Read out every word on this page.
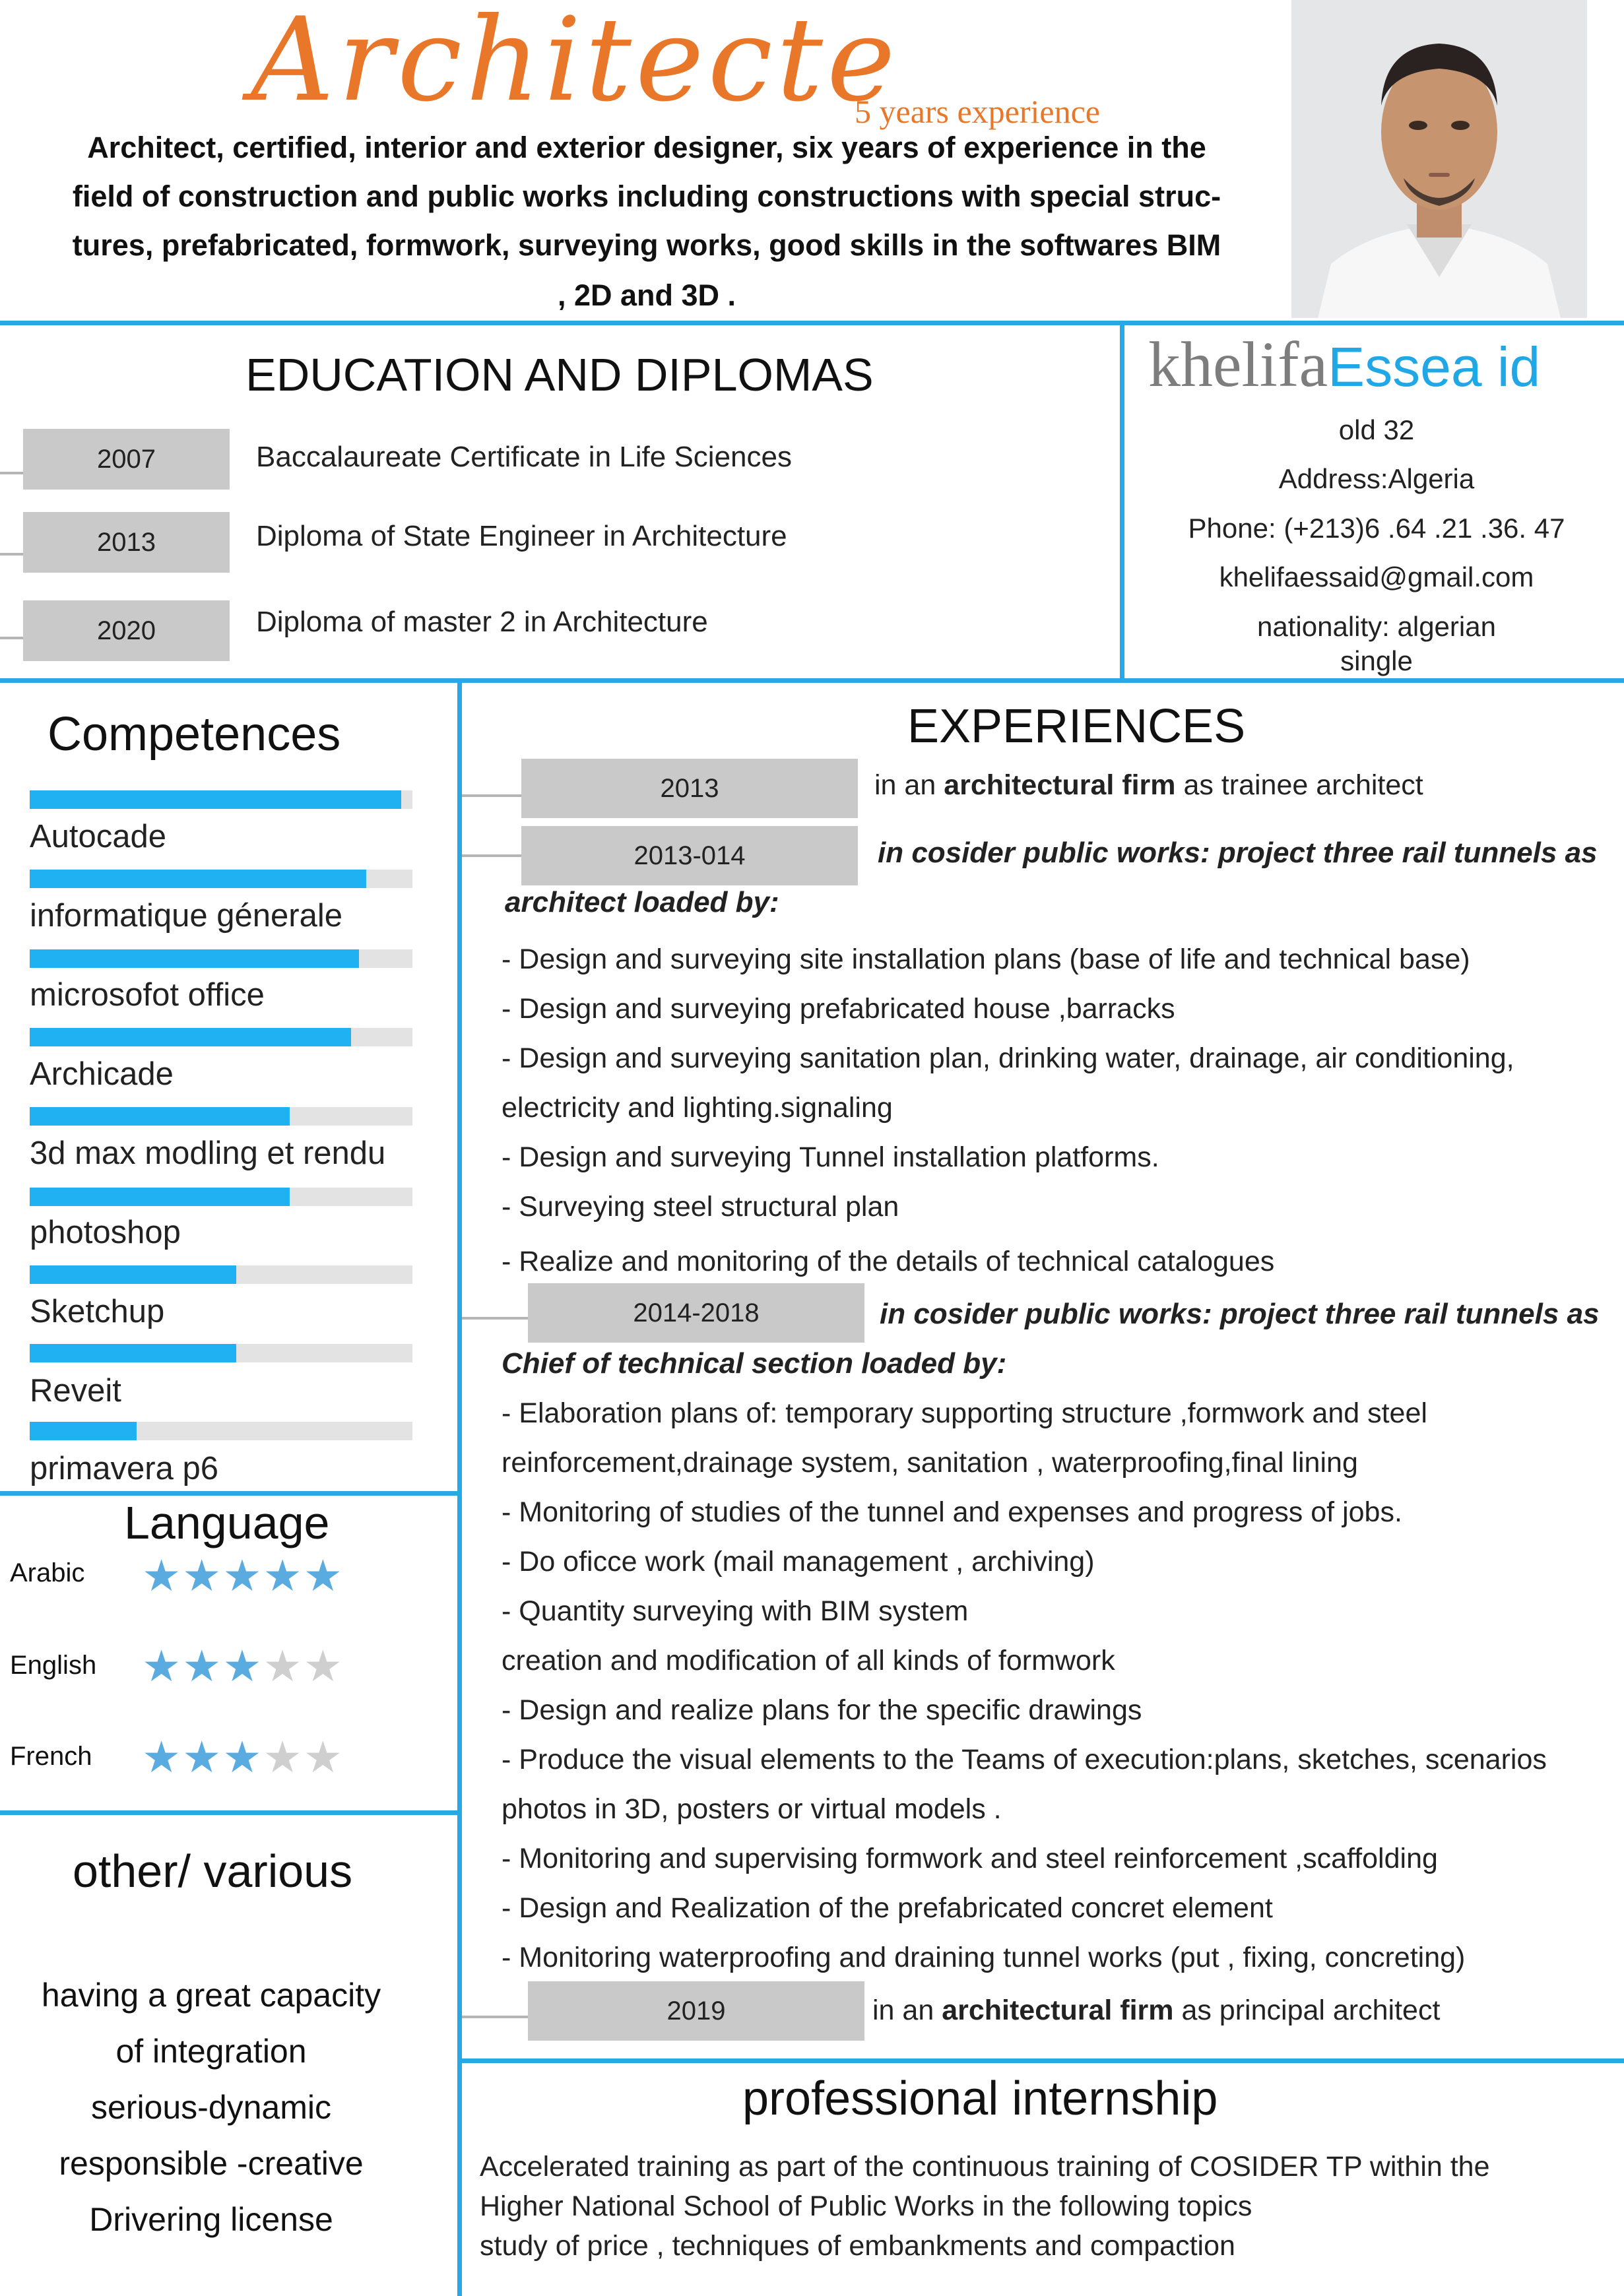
Architecte
5 years experience
Architect, certified, interior and exterior designer, six years of experience in the
field of construction and public works including constructions with special struc-
tures, prefabricated, formwork, surveying works, good skills in the softwares BIM
, 2D and 3D .
EDUCATION AND DIPLOMAS
2007	Baccalaureate Certificate in Life Sciences
2013	Diploma of State Engineer in Architecture
2020	Diploma of master 2 in Architecture
khelifaEssea id
old 32
Address:Algeria
Phone: (+213)6 .64 .21 .36. 47
khelifaessaid@gmail.com
nationality: algerian
single
Competences
Autocade
informatique génerale
microsofot office
Archicade
3d max modling et rendu
photoshop
Sketchup
Reveit
primavera p6
Language
Arabic ★★★★★
English ★★★★★
French ★★★★★
other/ various
having a great capacity
of integration
serious-dynamic
responsible -creative
Drivering license
EXPERIENCES
2013	in an architectural firm as trainee architect
2013-014	in cosider public works: project three rail tunnels as
architect loaded by:
- Design and surveying site installation plans (base of life and technical base)
- Design and surveying prefabricated house ,barracks
- Design and surveying sanitation plan, drinking water, drainage, air conditioning,
electricity and lighting.signaling
- Design and surveying Tunnel installation platforms.
- Surveying steel structural plan
- Realize and monitoring of the details of technical catalogues
2014-2018	in cosider public works: project three rail tunnels as
Chief of technical section loaded by:
- Elaboration plans of: temporary supporting structure ,formwork and steel
reinforcement,drainage system, sanitation , waterproofing,final lining
- Monitoring of studies of the tunnel and expenses and progress of jobs.
- Do oficce work (mail management , archiving)
- Quantity surveying with BIM system
creation and modification of all kinds of formwork
- Design and realize plans for the specific drawings
- Produce the visual elements to the Teams of execution:plans, sketches, scenarios
photos in 3D, posters or virtual models .
- Monitoring and supervising formwork and steel reinforcement ,scaffolding
- Design and Realization of the prefabricated concret element
- Monitoring waterproofing and draining tunnel works (put , fixing, concreting)
2019	in an architectural firm as principal architect
professional internship
Accelerated training as part of the continuous training of COSIDER TP within the
Higher National School of Public Works in the following topics
study of price , techniques of embankments and compaction
